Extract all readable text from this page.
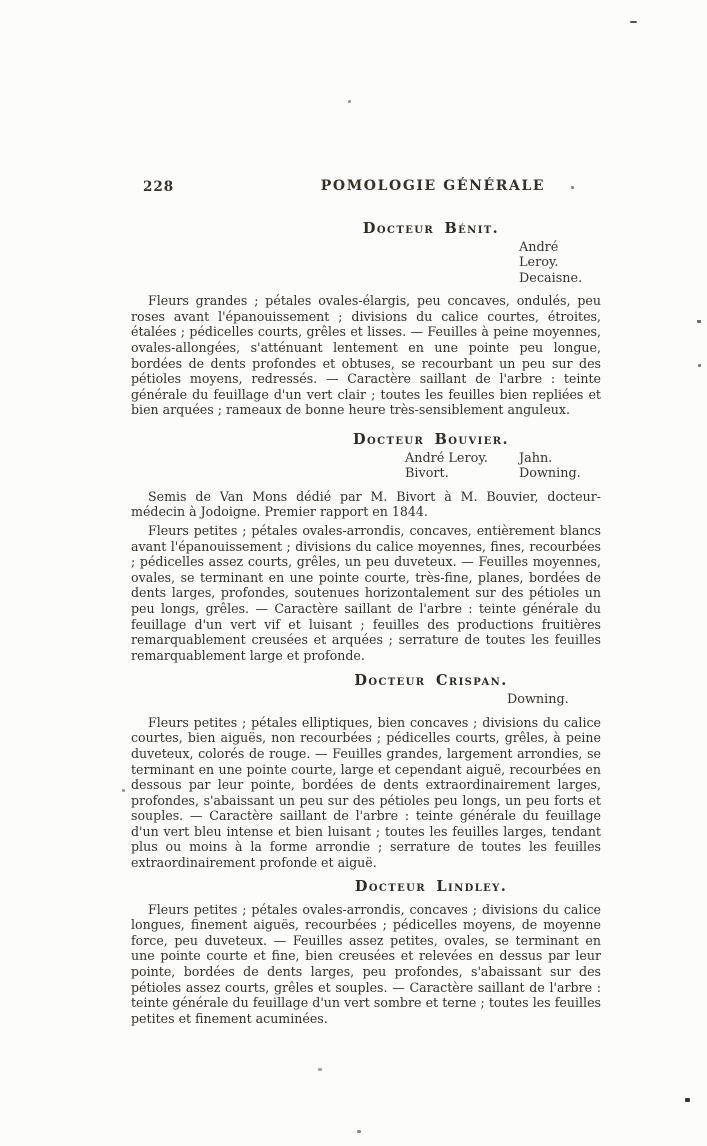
228	POMOLOGIE GÉNÉRALE
Docteur Bénit.
André Leroy.
Decaisne.

Fleurs grandes ; pétales ovales-élargis, peu concaves, ondulés, peu roses avant l'épanouissement ; divisions du calice courtes, étroites, étalées ; pédicelles courts, grêles et lisses. — Feuilles à peine moyennes, ovales-allongées, s'atténuant lentement en une pointe peu longue, bordées de dents profondes et obtuses, se recourbant un peu sur des pétioles moyens, redressés. — Caractère saillant de l'arbre : teinte générale du feuillage d'un vert clair ; toutes les feuilles bien repliées et bien arquées ; rameaux de bonne heure très-sensiblement anguleux.

Docteur Bouvier.
André Leroy.	Jahn.
Bivort.	Downing.

Semis de Van Mons dédié par M. Bivort à M. Bouvier, docteur-médecin à Jodoigne. Premier rapport en 1844.

Fleurs petites ; pétales ovales-arrondis, concaves, entièrement blancs avant l'épanouissement ; divisions du calice moyennes, fines, recourbées ; pédicelles assez courts, grêles, un peu duveteux. — Feuilles moyennes, ovales, se terminant en une pointe courte, très-fine, planes, bordées de dents larges, profondes, soutenues horizontalement sur des pétioles un peu longs, grêles. — Caractère saillant de l'arbre : teinte générale du feuillage d'un vert vif et luisant ; feuilles des productions fruitières remarquablement creusées et arquées ; serrature de toutes les feuilles remarquablement large et profonde.

Docteur Crispan.
Downing.

Fleurs petites ; pétales elliptiques, bien concaves ; divisions du calice courtes, bien aiguës, non recourbées ; pédicelles courts, grêles, à peine duveteux, colorés de rouge. — Feuilles grandes, largement arrondies, se terminant en une pointe courte, large et cependant aiguë, recourbées en dessous par leur pointe, bordées de dents extraordinairement larges, profondes, s'abaissant un peu sur des pétioles peu longs, un peu forts et souples. — Caractère saillant de l'arbre : teinte générale du feuillage d'un vert bleu intense et bien luisant ; toutes les feuilles larges, tendant plus ou moins à la forme arrondie ; serrature de toutes les feuilles extraordinairement profonde et aiguë.

Docteur Lindley.

Fleurs petites ; pétales ovales-arrondis, concaves ; divisions du calice longues, finement aiguës, recourbées ; pédicelles moyens, de moyenne force, peu duveteux. — Feuilles assez petites, ovales, se terminant en une pointe courte et fine, bien creusées et relevées en dessus par leur pointe, bordées de dents larges, peu profondes, s'abaissant sur des pétioles assez courts, grêles et souples. — Caractère saillant de l'arbre : teinte générale du feuillage d'un vert sombre et terne ; toutes les feuilles petites et finement acuminées.
